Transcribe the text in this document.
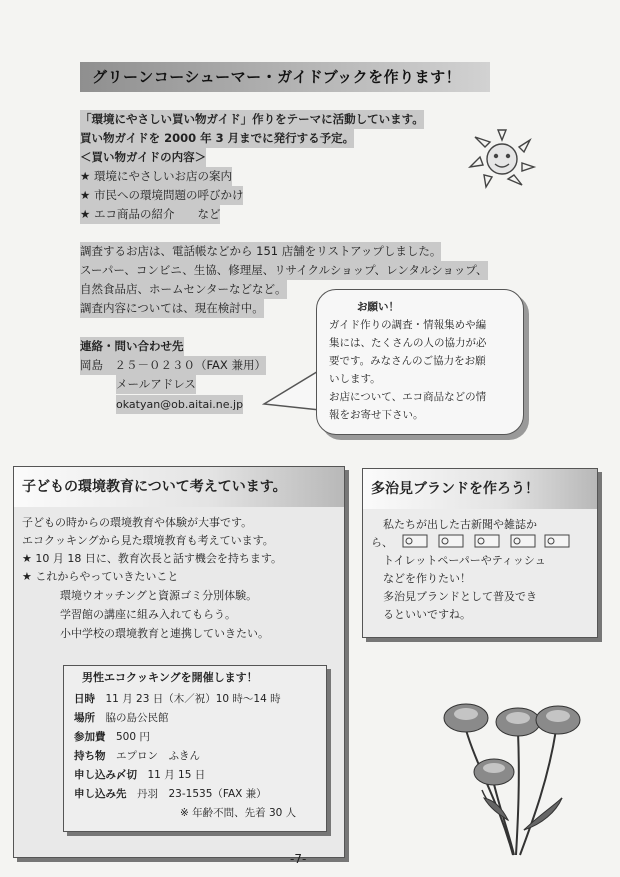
グリーンコーシューマー・ガイドブックを作ります！
「環境にやさしい買い物ガイド」作りをテーマに活動しています。
買い物ガイドを 2000 年 3 月までに発行する予定。
＜買い物ガイドの内容＞
★ 環境にやさしいお店の案内
★ 市民への環境問題の呼びかけ
★ エコ商品の紹介　　など
調査するお店は、電話帳などから 151 店舗をリストアップしました。
スーパー、コンビニ、生協、修理屋、リサイクルショップ、レンタルショップ、
自然食品店、ホームセンターなどなど。
調査内容については、現在検討中。
連絡・問い合わせ先
岡島　２５－０２３０（FAX 兼用）
メールアドレス
okatyan@ob.aitai.ne.jp
お願い！
ガイド作りの調査・情報集めや編
集には、たくさんの人の協力が必
要です。みなさんのご協力をお願
いします。
お店について、エコ商品などの情
報をお寄せ下さい。
子どもの環境教育について考えています。
子どもの時からの環境教育や体験が大事です。
エコクッキングから見た環境教育も考えています。
★ 10 月 18 日に、教育次長と話す機会を持ちます。
★ これからやっていきたいこと
環境ウオッチングと資源ゴミ分別体験。
学習館の講座に組み入れてもらう。
小中学校の環境教育と連携していきたい。
男性エコクッキングを開催します！
日時　 11 月 23 日（木／祝）10 時～14 時
場所　 脇の島公民館
参加費　 500 円
持ち物　 エプロン　ふきん
申し込み〆切　 11 月 15 日
申し込み先　 丹羽　23-1535（FAX 兼）
※ 年齢不問、先着 30 人
多治見ブランドを作ろう！
私たちが出した古新聞や雑誌か
ら、
トイレットペーパーやティッシュ
などを作りたい！
多治見ブランドとして普及でき
るといいですね。
-7-
